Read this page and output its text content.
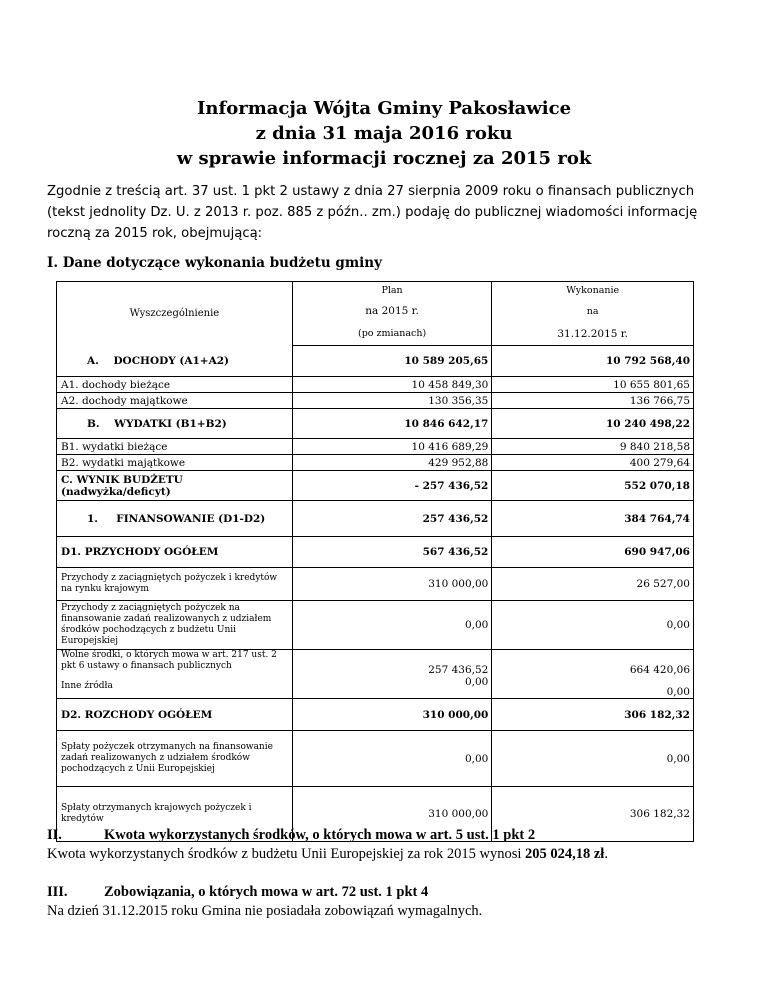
Informacja Wójta Gminy Pakosławice
z dnia 31 maja 2016 roku
w sprawie informacji rocznej za 2015 rok
Zgodnie z treścią art. 37 ust. 1 pkt 2 ustawy z dnia 27 sierpnia 2009 roku o finansach publicznych (tekst jednolity Dz. U. z 2013 r. poz. 885 z późn.. zm.) podaję do publicznej wiadomości informację roczną za 2015 rok, obejmującą:
I. Dane dotyczące wykonania budżetu gminy
Wyszczególnienie	Plan	Wykonanie
	na 2015 r.	na
	(po zmianach)	31.12.2015 r.
A. DOCHODY (A1+A2)	10 589 205,65	10 792 568,40
A1. dochody bieżące	10 458 849,30	10 655 801,65
A2. dochody majątkowe	130 356,35	136 766,75
B. WYDATKI (B1+B2)	10 846 642,17	10 240 498,22
B1. wydatki bieżące	10 416 689,29	9 840 218,58
B2. wydatki majątkowe	429 952,88	400 279,64
C. WYNIK BUDŻETU (nadwyżka/deficyt)	- 257 436,52	552 070,18
1. FINANSOWANIE (D1-D2)	257 436,52	384 764,74
D1. PRZYCHODY OGÓŁEM	567 436,52	690 947,06
Przychody z zaciągniętych pożyczek i kredytów na rynku krajowym	310 000,00	26 527,00
Przychody z zaciągniętych pożyczek na finansowanie zadań realizowanych z udziałem środków pochodzących z budżetu Unii Europejskiej	0,00	0,00
Wolne środki, o których mowa w art. 217 ust. 2 pkt 6 ustawy o finansach publicznych	257 436,52	664 420,06
Inne źródła	0,00	0,00
D2. ROZCHODY OGÓŁEM	310 000,00	306 182,32
Spłaty pożyczek otrzymanych na finansowanie zadań realizowanych z udziałem środków pochodzących z Unii Europejskiej	0,00	0,00
Spłaty otrzymanych krajowych pożyczek i kredytów	310 000,00	306 182,32
II.	Kwota wykorzystanych środków, o których mowa w art. 5 ust. 1 pkt 2
Kwota wykorzystanych środków z budżetu Unii Europejskiej za rok 2015 wynosi 205 024,18 zł.
III.	Zobowiązania, o których mowa w art. 72 ust. 1 pkt 4
Na dzień 31.12.2015 roku Gmina nie posiadała zobowiązań wymagalnych.
